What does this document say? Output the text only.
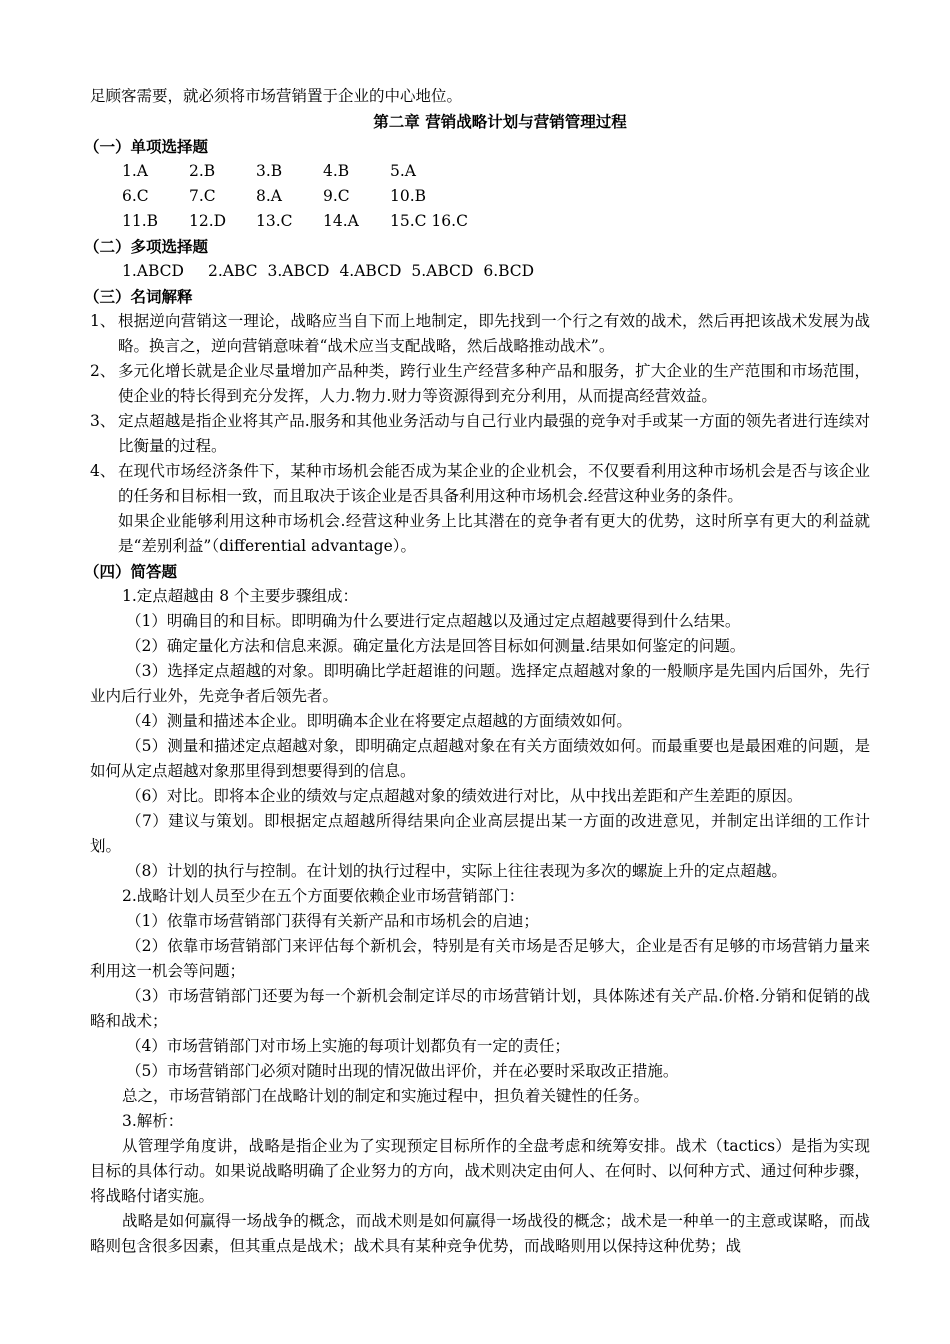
足顾客需要，就必须将市场营销置于企业的中心地位。

第二章 营销战略计划与营销管理过程

（一）单项选择题

1.A	2.B	3.B	4.B	5.A
6.C	7.C	8.A	9.C	10.B
11.B	12.D	13.C	14.A	15.C 16.C

（二）多项选择题

1.ABCD 2.ABC 3.ABCD 4.ABCD 5.ABCD 6.BCD

（三）名词解释

1、 根据逆向营销这一理论，战略应当自下而上地制定，即先找到一个行之有效的战术，然后再把该战术发展为战略。换言之，逆向营销意味着“战术应当支配战略，然后战略推动战术”。
2、 多元化增长就是企业尽量增加产品种类，跨行业生产经营多种产品和服务，扩大企业的生产范围和市场范围，使企业的特长得到充分发挥，人力.物力.财力等资源得到充分利用，从而提高经营效益。
3、 定点超越是指企业将其产品.服务和其他业务活动与自己行业内最强的竞争对手或某一方面的领先者进行连续对比衡量的过程。
4、 在现代市场经济条件下，某种市场机会能否成为某企业的企业机会，不仅要看利用这种市场机会是否与该企业的任务和目标相一致，而且取决于该企业是否具备利用这种市场机会.经营这种业务的条件。
如果企业能够利用这种市场机会.经营这种业务上比其潜在的竞争者有更大的优势，这时所享有更大的利益就是“差别利益”（differential advantage）。

（四）简答题

1.定点超越由 8 个主要步骤组成：
（1）明确目的和目标。即明确为什么要进行定点超越以及通过定点超越要得到什么结果。
（2）确定量化方法和信息来源。确定量化方法是回答目标如何测量.结果如何鉴定的问题。
（3）选择定点超越的对象。即明确比学赶超谁的问题。选择定点超越对象的一般顺序是先国内后国外，先行业内后行业外，先竞争者后领先者。
（4）测量和描述本企业。即明确本企业在将要定点超越的方面绩效如何。
（5）测量和描述定点超越对象，即明确定点超越对象在有关方面绩效如何。而最重要也是最困难的问题，是如何从定点超越对象那里得到想要得到的信息。
（6）对比。即将本企业的绩效与定点超越对象的绩效进行对比，从中找出差距和产生差距的原因。
（7）建议与策划。即根据定点超越所得结果向企业高层提出某一方面的改进意见，并制定出详细的工作计划。
（8）计划的执行与控制。在计划的执行过程中，实际上往往表现为多次的螺旋上升的定点超越。
2.战略计划人员至少在五个方面要依赖企业市场营销部门：
（1）依靠市场营销部门获得有关新产品和市场机会的启迪；
（2）依靠市场营销部门来评估每个新机会，特别是有关市场是否足够大，企业是否有足够的市场营销力量来利用这一机会等问题；
（3）市场营销部门还要为每一个新机会制定详尽的市场营销计划，具体陈述有关产品.价格.分销和促销的战略和战术；
（4）市场营销部门对市场上实施的每项计划都负有一定的责任；
（5）市场营销部门必须对随时出现的情况做出评价，并在必要时采取改正措施。
总之，市场营销部门在战略计划的制定和实施过程中，担负着关键性的任务。
3.解析：
从管理学角度讲，战略是指企业为了实现预定目标所作的全盘考虑和统筹安排。战术（tactics）是指为实现目标的具体行动。如果说战略明确了企业努力的方向，战术则决定由何人、在何时、以何种方式、通过何种步骤，将战略付诸实施。
战略是如何赢得一场战争的概念，而战术则是如何赢得一场战役的概念；战术是一种单一的主意或谋略，而战略则包含很多因素，但其重点是战术；战术具有某种竞争优势，而战略则用以保持这种优势；战
